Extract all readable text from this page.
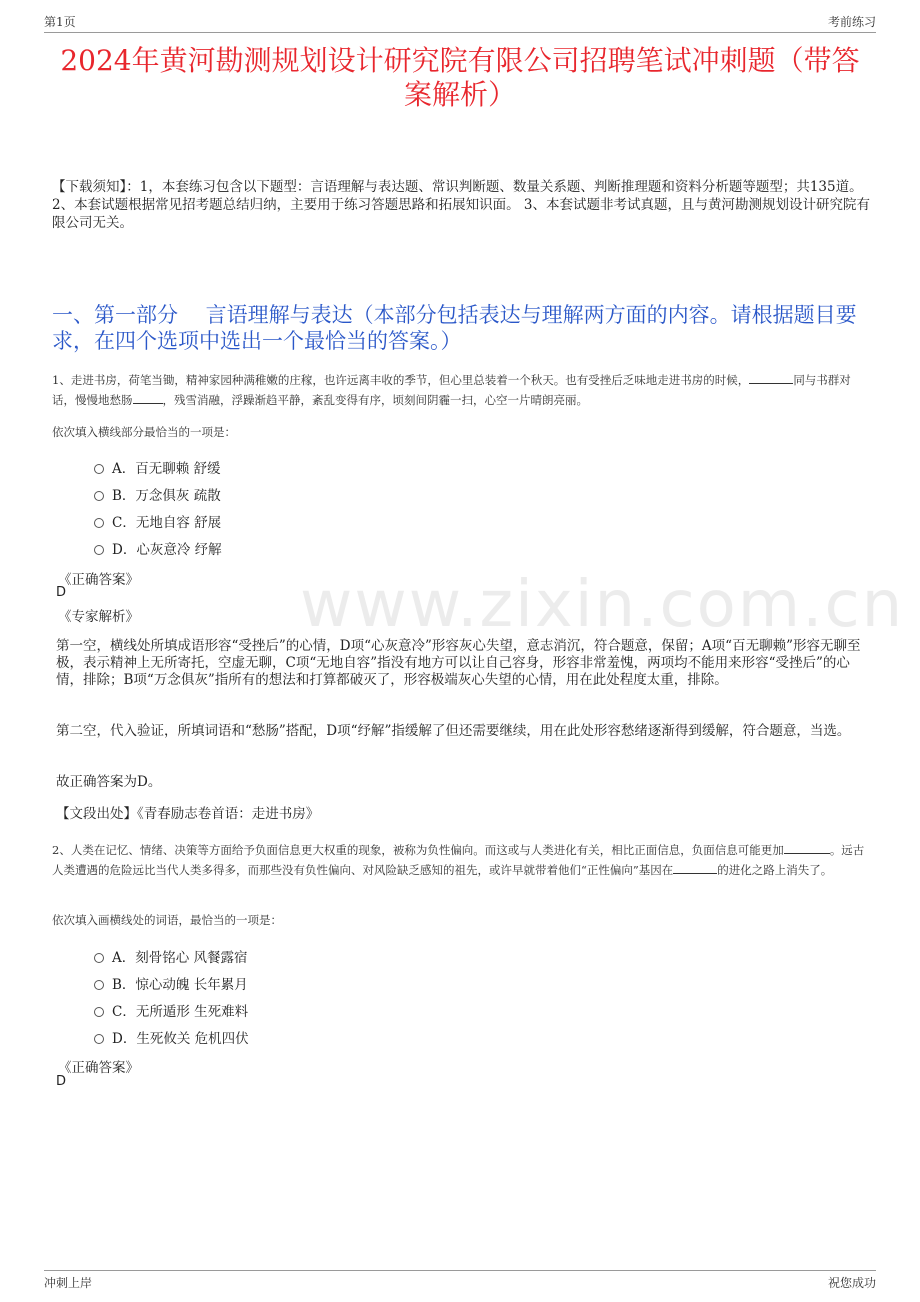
第1页	考前练习
www.zixin.com.cn
2024年黄河勘测规划设计研究院有限公司招聘笔试冲刺题（带答案解析）
【下载须知】：1，本套练习包含以下题型：言语理解与表达题、常识判断题、数量关系题、判断推理题和资料分析题等题型；共135道。 2、本套试题根据常见招考题总结归纳，主要用于练习答题思路和拓展知识面。 3、本套试题非考试真题，且与黄河勘测规划设计研究院有限公司无关。
一、第一部分　 言语理解与表达（本部分包括表达与理解两方面的内容。请根据题目要求，在四个选项中选出一个最恰当的答案。）
1、走进书房，荷笔当锄，精神家园种满稚嫩的庄稼，也许远离丰收的季节，但心里总装着一个秋天。也有受挫后乏味地走进书房的时候，	同与书群对话，慢慢地愁肠	，残雪消融，浮躁渐趋平静，紊乱变得有序，顷刻间阴霾一扫，心空一片晴朗亮丽。
依次填入横线部分最恰当的一项是：
A．百无聊赖 舒缓
B．万念俱灰 疏散
C．无地自容 舒展
D．心灰意冷 纾解
《正确答案》
D
《专家解析》
第一空，横线处所填成语形容“受挫后”的心情，D项“心灰意冷”形容灰心失望，意志消沉，符合题意，保留；A项“百无聊赖”形容无聊至极，表示精神上无所寄托，空虚无聊，C项“无地自容”指没有地方可以让自己容身，形容非常羞愧，两项均不能用来形容“受挫后”的心情，排除；B项“万念俱灰”指所有的想法和打算都破灭了，形容极端灰心失望的心情，用在此处程度太重，排除。
第二空，代入验证，所填词语和“愁肠”搭配，D项“纾解”指缓解了但还需要继续，用在此处形容愁绪逐渐得到缓解，符合题意，当选。
故正确答案为D。
【文段出处】《青春励志卷首语：走进书房》
2、人类在记忆、情绪、决策等方面给予负面信息更大权重的现象，被称为负性偏向。而这或与人类进化有关，相比正面信息，负面信息可能更加	。远古人类遭遇的危险远比当代人类多得多，而那些没有负性偏向、对风险缺乏感知的祖先，或许早就带着他们“正性偏向”基因在	的进化之路上消失了。
依次填入画横线处的词语，最恰当的一项是：
A．刻骨铭心 风餐露宿
B．惊心动魄 长年累月
C．无所遁形 生死难料
D．生死攸关 危机四伏
《正确答案》
D
冲刺上岸	祝您成功
